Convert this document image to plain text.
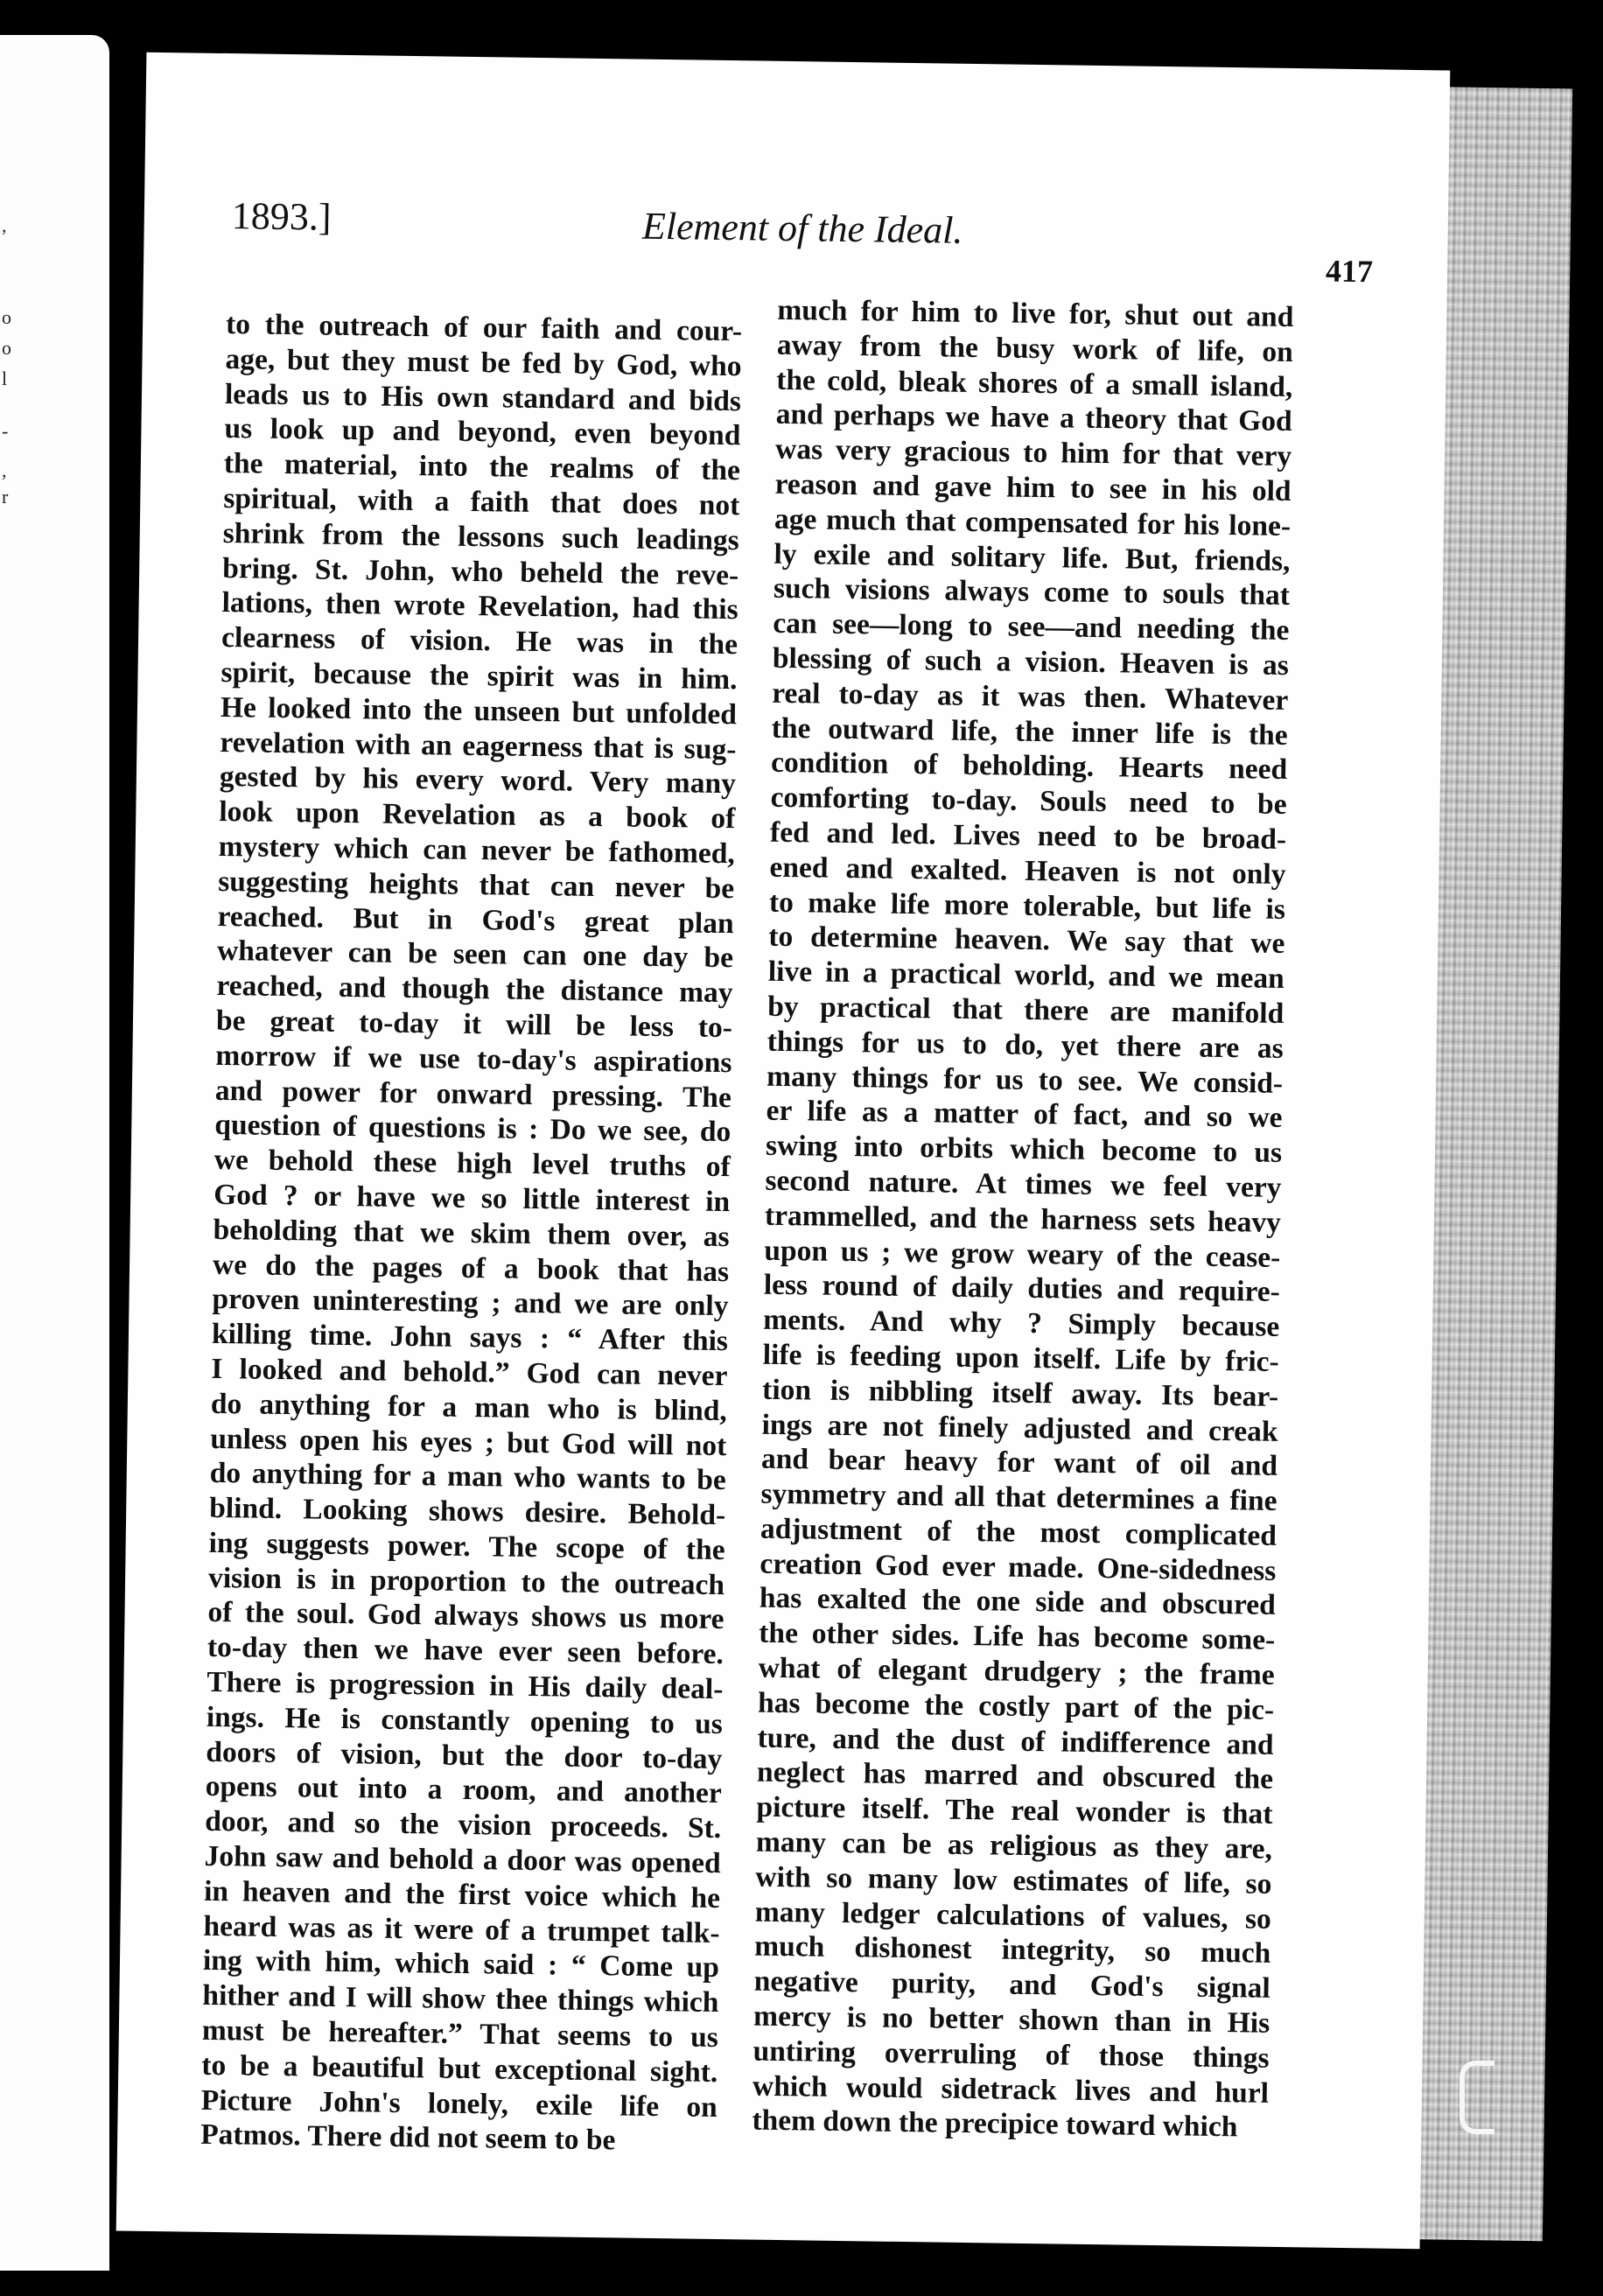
,
o
o
l
-
,
r
1893.]	Element of the Ideal.
417
to the outreach of our faith and cour-
age, but they must be fed by God, who
leads us to His own standard and bids
us look up and beyond, even beyond
the material, into the realms of the
spiritual, with a faith that does not
shrink from the lessons such leadings
bring. St. John, who beheld the reve-
lations, then wrote Revelation, had this
clearness of vision. He was in the
spirit, because the spirit was in him.
He looked into the unseen but unfolded
revelation with an eagerness that is sug-
gested by his every word. Very many
look upon Revelation as a book of
mystery which can never be fathomed,
suggesting heights that can never be
reached. But in God's great plan
whatever can be seen can one day be
reached, and though the distance may
be great to-day it will be less to-
morrow if we use to-day's aspirations
and power for onward pressing. The
question of questions is : Do we see, do
we behold these high level truths of
God ? or have we so little interest in
beholding that we skim them over, as
we do the pages of a book that has
proven uninteresting ; and we are only
killing time. John says : “ After this
I looked and behold.” God can never
do anything for a man who is blind,
unless open his eyes ; but God will not
do anything for a man who wants to be
blind. Looking shows desire. Behold-
ing suggests power. The scope of the
vision is in proportion to the outreach
of the soul. God always shows us more
to-day then we have ever seen before.
There is progression in His daily deal-
ings. He is constantly opening to us
doors of vision, but the door to-day
opens out into a room, and another
door, and so the vision proceeds. St.
John saw and behold a door was opened
in heaven and the first voice which he
heard was as it were of a trumpet talk-
ing with him, which said : “ Come up
hither and I will show thee things which
must be hereafter.” That seems to us
to be a beautiful but exceptional sight.
Picture John's lonely, exile life on
Patmos. There did not seem to be
much for him to live for, shut out and
away from the busy work of life, on
the cold, bleak shores of a small island,
and perhaps we have a theory that God
was very gracious to him for that very
reason and gave him to see in his old
age much that compensated for his lone-
ly exile and solitary life. But, friends,
such visions always come to souls that
can see—long to see—and needing the
blessing of such a vision. Heaven is as
real to-day as it was then. Whatever
the outward life, the inner life is the
condition of beholding. Hearts need
comforting to-day. Souls need to be
fed and led. Lives need to be broad-
ened and exalted. Heaven is not only
to make life more tolerable, but life is
to determine heaven. We say that we
live in a practical world, and we mean
by practical that there are manifold
things for us to do, yet there are as
many things for us to see. We consid-
er life as a matter of fact, and so we
swing into orbits which become to us
second nature. At times we feel very
trammelled, and the harness sets heavy
upon us ; we grow weary of the cease-
less round of daily duties and require-
ments. And why ? Simply because
life is feeding upon itself. Life by fric-
tion is nibbling itself away. Its bear-
ings are not finely adjusted and creak
and bear heavy for want of oil and
symmetry and all that determines a fine
adjustment of the most complicated
creation God ever made. One-sidedness
has exalted the one side and obscured
the other sides. Life has become some-
what of elegant drudgery ; the frame
has become the costly part of the pic-
ture, and the dust of indifference and
neglect has marred and obscured the
picture itself. The real wonder is that
many can be as religious as they are,
with so many low estimates of life, so
many ledger calculations of values, so
much dishonest integrity, so much
negative purity, and God's signal
mercy is no better shown than in His
untiring overruling of those things
which would sidetrack lives and hurl
them down the precipice toward which
